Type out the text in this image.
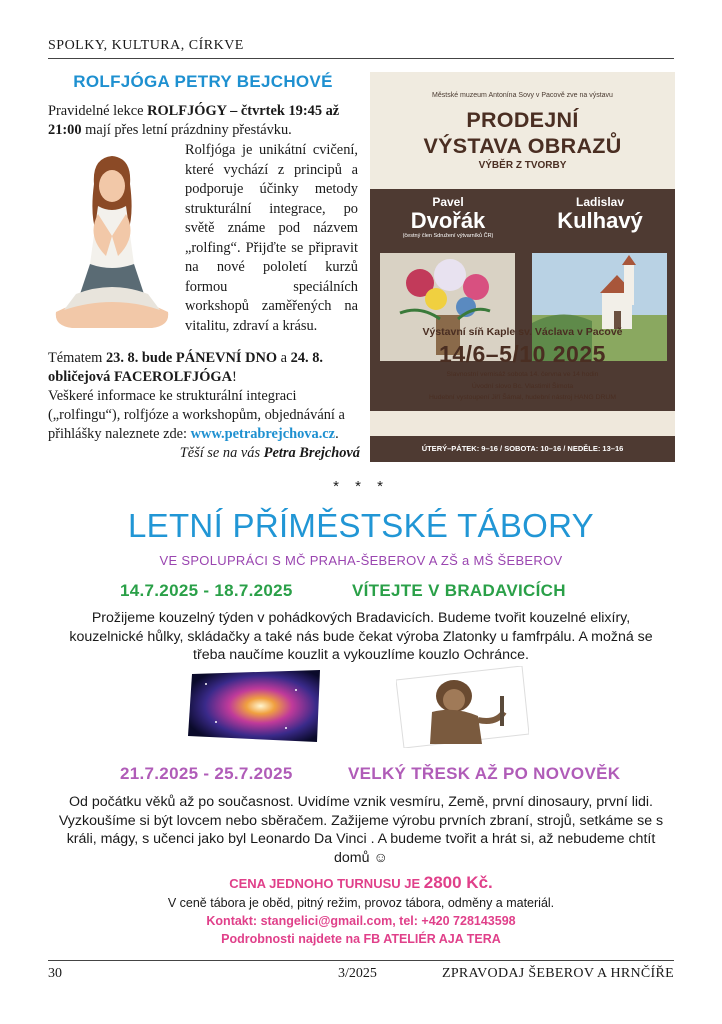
SPOLKY, KULTURA, CÍRKVE
ROLFJÓGA PETRY BEJCHOVÉ
Pravidelné lekce ROLFJÓGY – čtvrtek 19:45 až 21:00 mají přes letní prázdniny přestávku.
Rolfjóga je unikátní cvičení, které vychází z principů a podporuje účinky metody strukturální integrace, po světě známe pod názvem „rolfing“. Přijďte se připravit na nové pololetí kurzů formou speciálních workshopů zaměřených na vitalitu, zdraví a krásu.

Tématem 23. 8. bude PÁNEVNÍ DNO a 24. 8. obličejová FACEROLFJÓGA!

Veškeré informace ke strukturální integraci („rolfingu“), rolfjóze a workshopům, objednávání a přihlášky naleznete zde: www.petrabrejchova.cz.

Těší se na vás Petra Brejchová

Městské muzeum Antonína Sovy v Pacově zve na výstavu
PRODEJNÍ
VÝSTAVA OBRAZŮ
VÝBĚR Z TVORBY
Pavel
Dvořák
(čestný člen Sdružení výtvarníků ČR)
Ladislav
Kulhavý
Výstavní síň Kaple sv. Václava v Pacově
14/6–5/10 2025
Slavnostní vernisáž sobota 14. června ve 14 hodin
Úvodní slovo Bc. Vlastimil Šimota
Hudební vystoupení Jiří Šámal, hudební nástroj HANG DRUM
ÚTERÝ–PÁTEK: 9–16 / SOBOTA: 10–16 / NEDĚLE: 13–16
* * *
LETNÍ PŘÍMĚSTSKÉ TÁBORY
VE SPOLUPRÁCI S MČ PRAHA-ŠEBEROV A ZŠ a MŠ ŠEBEROV
14.7.2025 - 18.7.2025	VÍTEJTE V BRADAVICÍCH
Prožijeme kouzelný týden v pohádkových Bradavicích. Budeme tvořit kouzelné elixíry, kouzelnické hůlky, skládačky a také nás bude čekat výroba Zlatonky u famfrpálu. A možná se třeba naučíme kouzlit a vykouzlíme kouzlo Ochránce.
21.7.2025 - 25.7.2025	VELKÝ TŘESK AŽ PO NOVOVĚK
Od počátku věků až po současnost. Uvidíme vznik vesmíru, Země, první dinosaury, první lidi. Vyzkoušíme si být lovcem nebo sběračem. Zažijeme výrobu prvních zbraní, strojů, setkáme se s králi, mágy, s učenci jako byl Leonardo Da Vinci . A budeme tvořit a hrát si, až nebudeme chtít domů ☺
CENA JEDNOHO TURNUSU JE 2800 Kč.
V ceně tábora je oběd, pitný režim, provoz tábora, odměny a materiál.
Kontakt: stangelici@gmail.com, tel: +420 728143598
Podrobnosti najdete na FB ATELIÉR AJA TERA
30	3/2025	ZPRAVODAJ ŠEBEROV A HRNČÍŘE
